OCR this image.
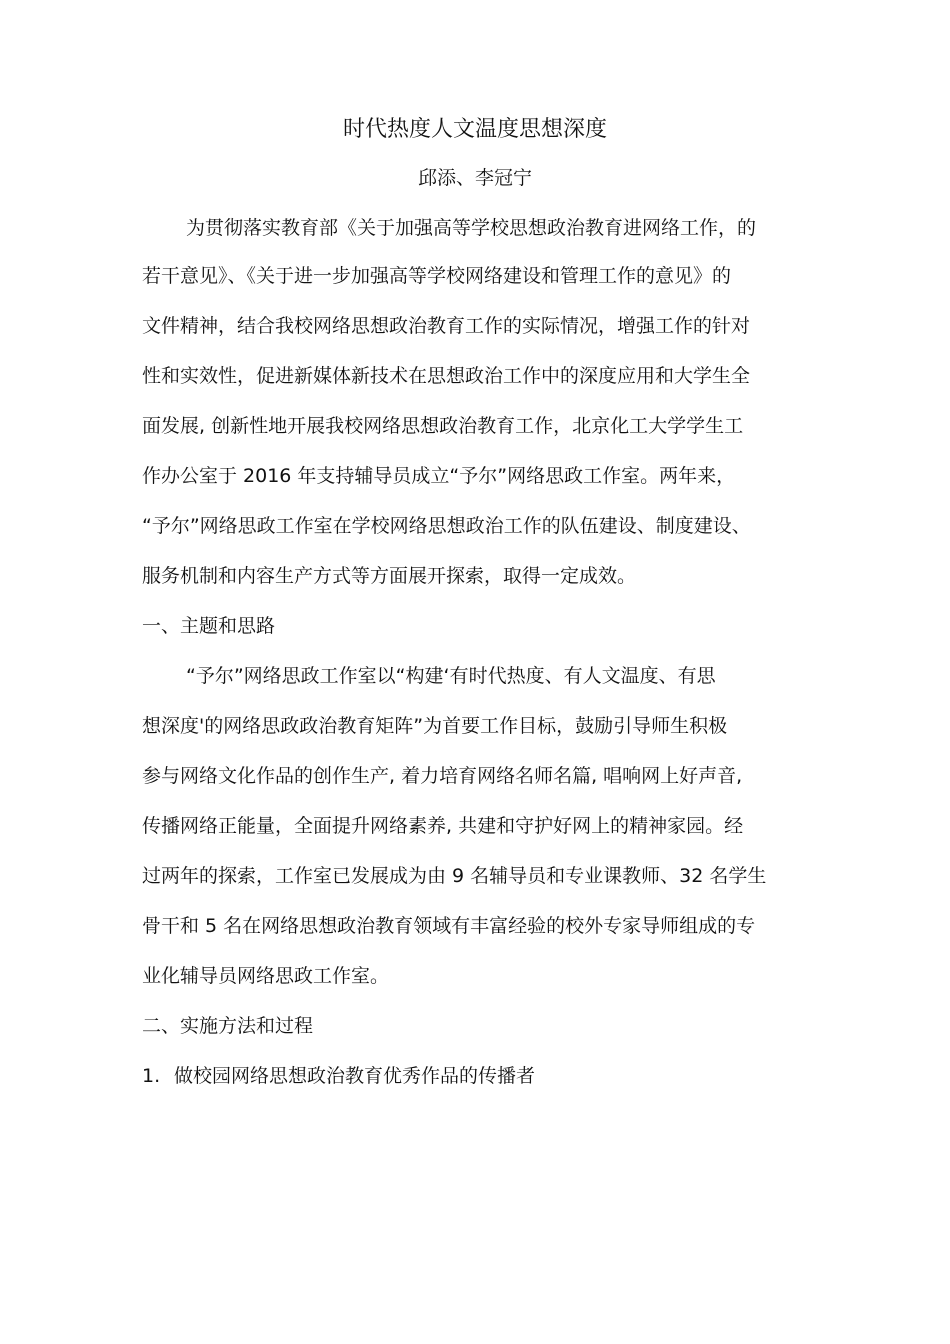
时代热度人文温度思想深度
邱添、李冠宁
为贯彻落实教育部《关于加强高等学校思想政治教育进网络工作，的
若干意见》、《关于进一步加强高等学校网络建设和管理工作的意见》的
文件精神，结合我校网络思想政治教育工作的实际情况，增强工作的针对
性和实效性，促进新媒体新技术在思想政治工作中的深度应用和大学生全
面发展, 创新性地开展我校网络思想政治教育工作，北京化工大学学生工
作办公室于 2016 年支持辅导员成立“予尔”网络思政工作室。两年来，
“予尔”网络思政工作室在学校网络思想政治工作的队伍建设、制度建设、
服务机制和内容生产方式等方面展开探索，取得一定成效。
一、主题和思路
“予尔”网络思政工作室以“构建‘有时代热度、有人文温度、有思
想深度'的网络思政政治教育矩阵”为首要工作目标，鼓励引导师生积极
参与网络文化作品的创作生产, 着力培育网络名师名篇, 唱响网上好声音,
传播网络正能量，全面提升网络素养, 共建和守护好网上的精神家园。经
过两年的探索，工作室已发展成为由 9 名辅导员和专业课教师、32 名学生
骨干和 5 名在网络思想政治教育领域有丰富经验的校外专家导师组成的专
业化辅导员网络思政工作室。
二、实施方法和过程
1. 做校园网络思想政治教育优秀作品的传播者
